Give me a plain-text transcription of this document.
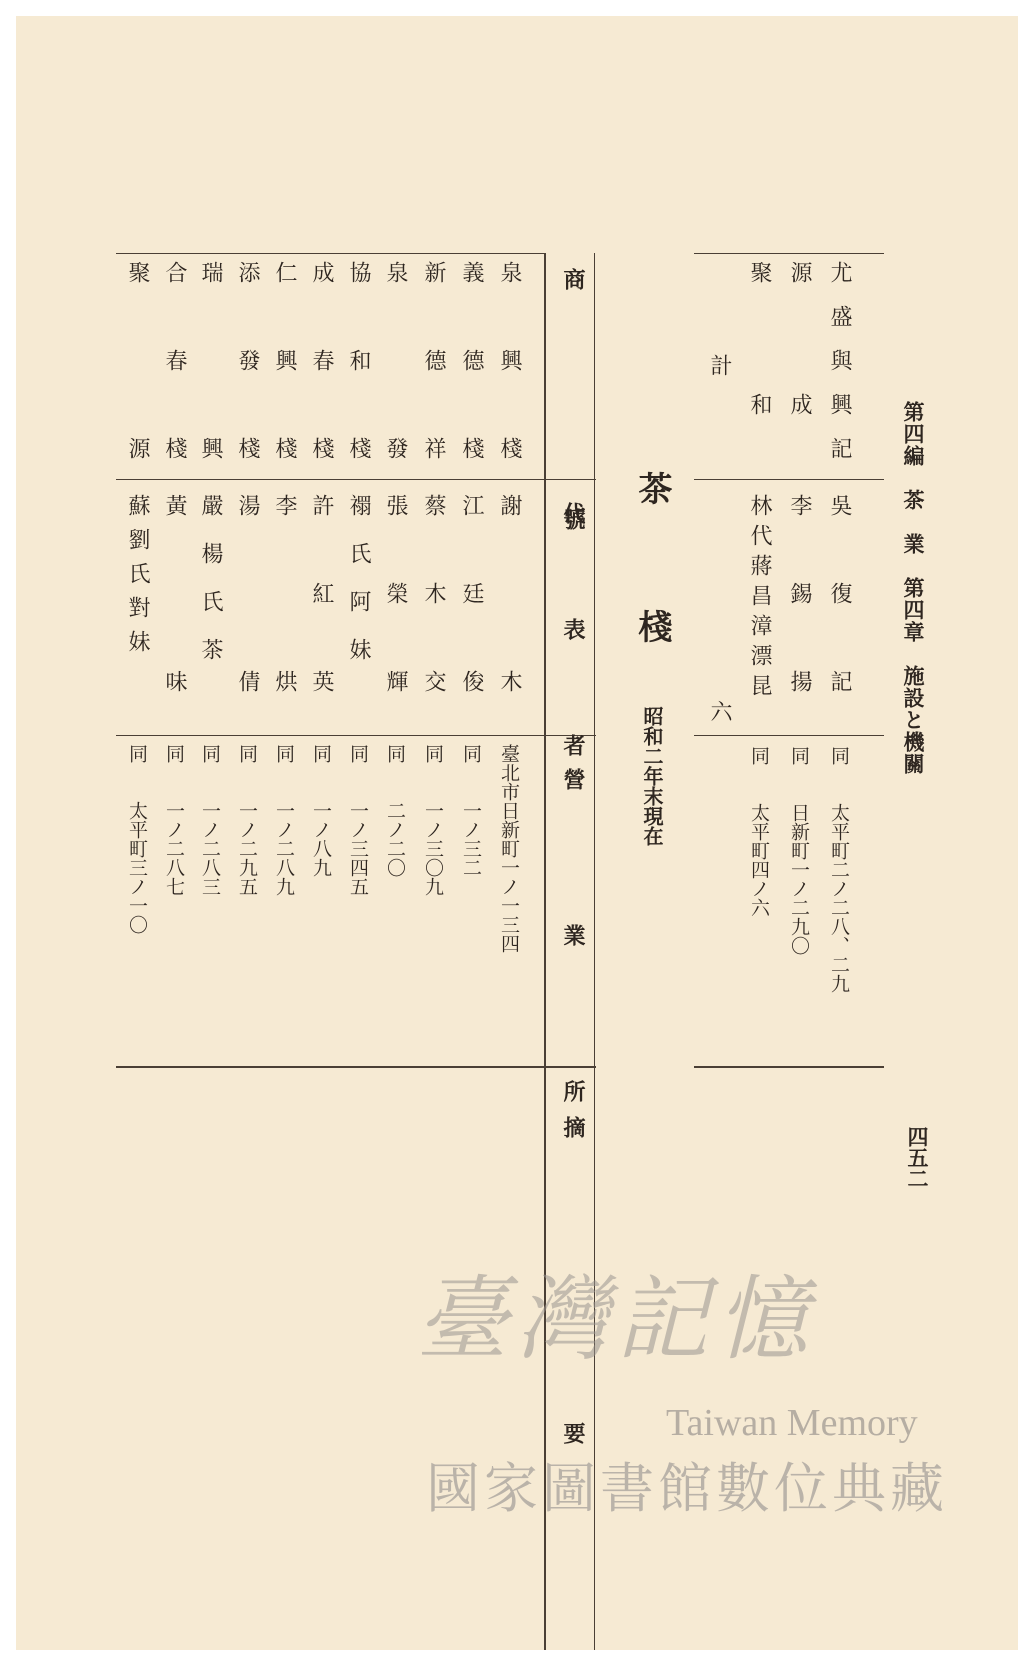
第四編　茶　業　第四章　施設と機關
四五二
尤盛與興記
吳　復　記
同　　太平町二ノ二八、二九
源　　成
李　錫　揚
同　　日新町一ノ二九〇
聚　　和
林代蔣昌漳漂昆
同　　太平町四ノ六
計
六
茶　　棧
昭和二年末現在
商　　號
代　表　者
營　業　所
摘　　要
泉　興　棧
謝　　　木
臺北市日新町一ノ一三四
義　德　棧
江　廷　俊
同　　一ノ三二
新　德　祥
蔡　木　交
同　　一ノ三〇九
泉　　　發
張　榮　輝
同　　二ノ二〇
協　和　棧
禤氏阿妹
同　　一ノ三四五
成　春　棧
許　紅　英
同　　一ノ八九
仁　興　棧
李　　　烘
同　　一ノ二八九
添　發　棧
湯　　　倩
同　　一ノ二九五
瑞　　　興
嚴楊氏茶
同　　一ノ二八三
合　春　棧
黃　　　味
同　　一ノ二八七
聚　　　源
蘇劉氏對妹
同　　太平町三ノ一〇
臺灣記憶
Taiwan Memory
國家圖書館數位典藏
